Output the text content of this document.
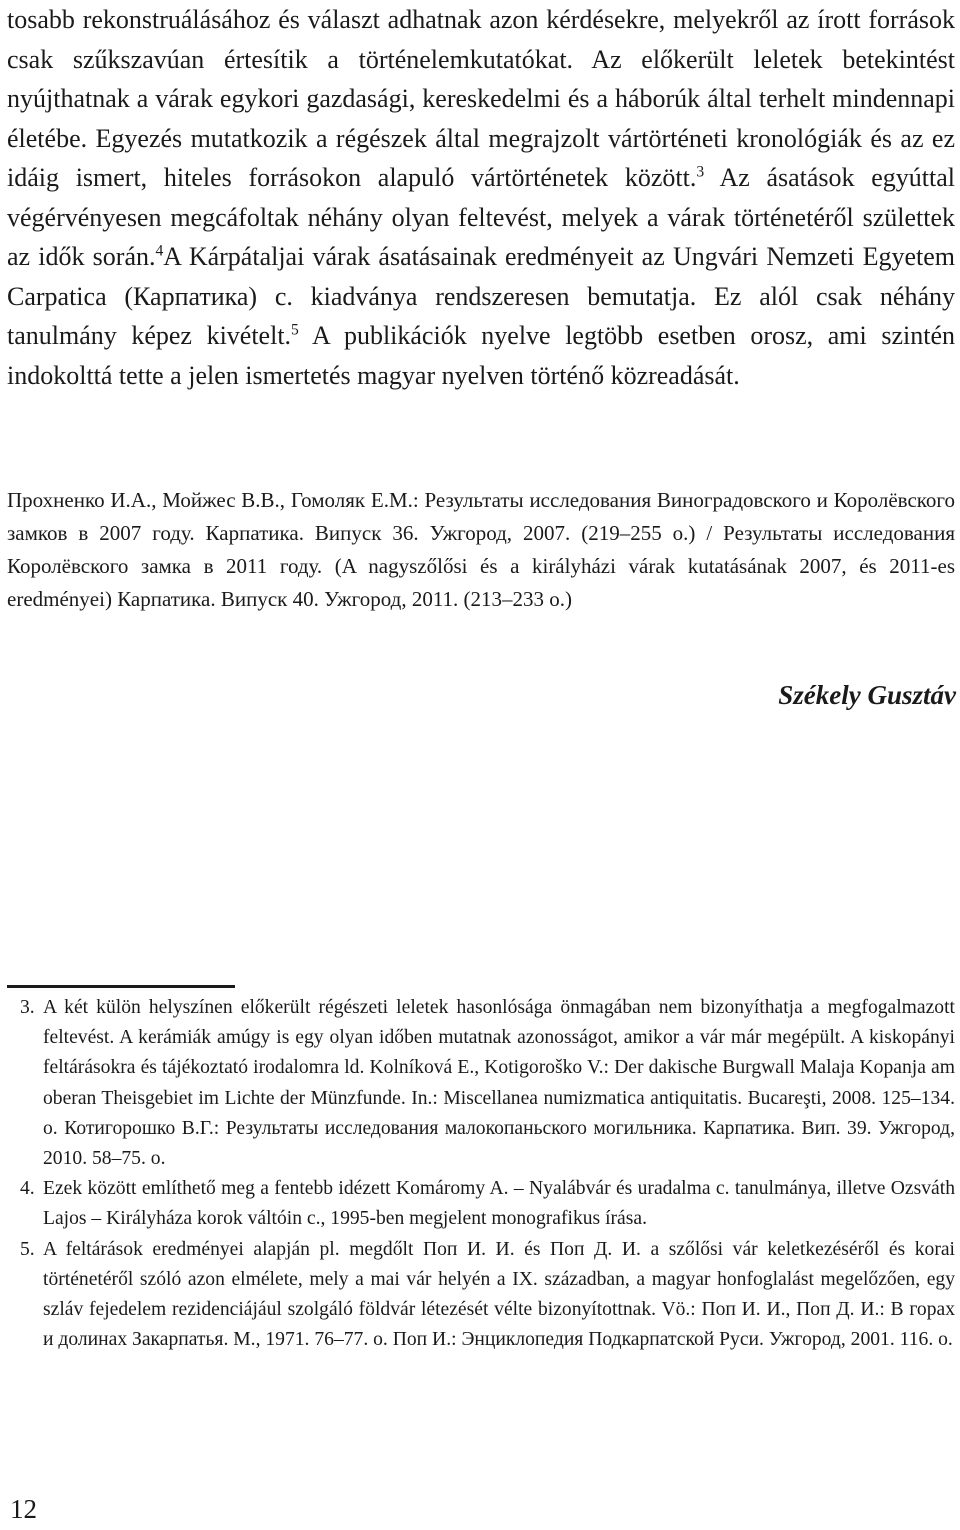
tosabb rekonstruálásához és választ adhatnak azon kérdésekre, melyekről az írott források csak szűkszavúan értesítik a történelemkutatókat. Az előkerült leletek betekintést nyújthatnak a várak egykori gazdasági, kereskedelmi és a háborúk által terhelt mindennapi életébe. Egyezés mutatkozik a régészek által megrajzolt vártörténeti kronológiák és az ez idáig ismert, hiteles forrásokon alapuló vártörténetek között.$^3$ Az ásatások egyúttal végérvényesen megcáfoltak néhány olyan feltevést, melyek a várak történetéről születtek az idők során.$^4$A Kárpátaljai várak ásatásainak eredményeit az Ungvári Nemzeti Egyetem Carpatica (Карпатика) c. kiadványa rendszeresen bemutatja. Ez alól csak néhány tanulmány képez kivételt.$^5$ A publikációk nyelve legtöbb esetben orosz, ami szintén indokolttá tette a jelen ismertetés magyar nyelven történő közreadását.

Прохненко И.А., Мойжес В.В., Гомоляк Е.М.: Результаты исследования Виноградовского и Королёвского замков в 2007 году. Карпатика. Випуск 36. Ужгород, 2007. (219–255 o.) / Результаты исследования Королёвского замка в 2011 году. (A nagyszőlősi és a királyházi várak kutatásának 2007, és 2011-es eredményei) Карпатика. Випуск 40. Ужгород, 2011. (213–233 o.)

Székely Gusztáv

3. A két külön helyszínen előkerült régészeti leletek hasonlósága önmagában nem bizonyíthatja a megfogalmazott feltevést. A kerámiák amúgy is egy olyan időben mutatnak azonosságot, amikor a vár már megépült. A kiskopányi feltárásokra és tájékoztató irodalomra ld. Kolníková E., Kotigoroško V.: Der dakische Burgwall Malaja Kopanja am oberan Theisgebiet im Lichte der Münzfunde. In.: Miscellanea numizmatica antiquitatis. Bucareşti, 2008. 125–134. o. Котигорошко В.Г.: Результаты исследования малокопаньского могильника. Карпатика. Вип. 39. Ужгород, 2010. 58–75. o.
4. Ezek között említhető meg a fentebb idézett Komáromy A. – Nyalábvár és uradalma c. tanulmánya, illetve Ozsváth Lajos – Királyháza korok váltóin c., 1995-ben megjelent monografikus írása.
5. A feltárások eredményei alapján pl. megdőlt Поп И. И. és Поп Д. И. a szőlősi vár keletkezéséről és korai történetéről szóló azon elmélete, mely a mai vár helyén a IX. században, a magyar honfoglalást megelőzően, egy szláv fejedelem rezidenciájául szolgáló földvár létezését vélte bizonyítottnak. Vö.: Поп И. И., Поп Д. И.: В горах и долинах Закарпатья. М., 1971. 76–77. o. Поп И.: Энциклопедия Подкарпатской Руси. Ужгород, 2001. 116. o.

12
